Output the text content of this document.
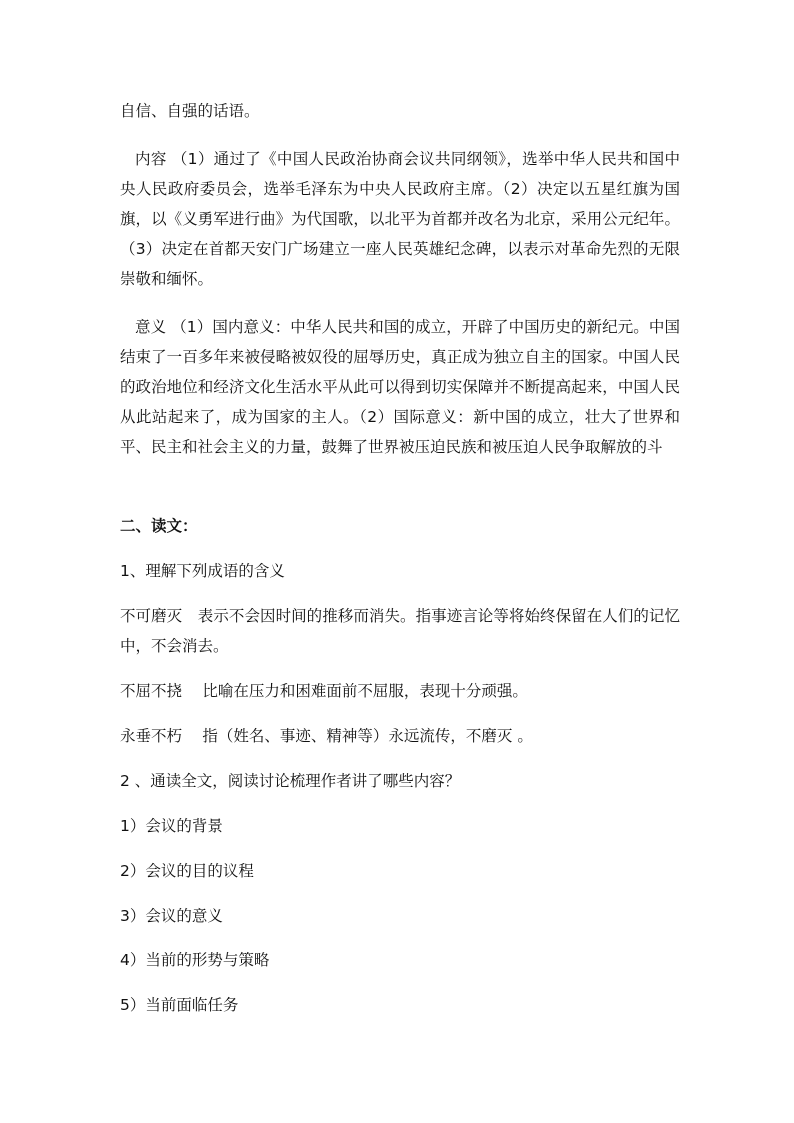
自信、自强的话语。

内容 （1）通过了《中国人民政治协商会议共同纲领》，选举中华人民共和国中央人民政府委员会，选举毛泽东为中央人民政府主席。（2）决定以五星红旗为国旗，以《义勇军进行曲》为代国歌，以北平为首都并改名为北京，采用公元纪年。（3）决定在首都天安门广场建立一座人民英雄纪念碑，以表示对革命先烈的无限崇敬和缅怀。

意义 （1）国内意义：中华人民共和国的成立，开辟了中国历史的新纪元。中国结束了一百多年来被侵略被奴役的屈辱历史，真正成为独立自主的国家。中国人民的政治地位和经济文化生活水平从此可以得到切实保障并不断提高起来，中国人民从此站起来了，成为国家的主人。（2）国际意义：新中国的成立，壮大了世界和平、民主和社会主义的力量，鼓舞了世界被压迫民族和被压迫人民争取解放的斗

二、读文：

1、理解下列成语的含义

不可磨灭　表示不会因时间的推移而消失。指事迹言论等将始终保留在人们的记忆中，不会消去。

不屈不挠　 比喻在压力和困难面前不屈服，表现十分顽强。

永垂不朽　 指（姓名、事迹、精神等）永远流传，不磨灭 。

2 、通读全文，阅读讨论梳理作者讲了哪些内容？

1）会议的背景

2）会议的目的议程

3）会议的意义

4）当前的形势与策略

5）当前面临任务
